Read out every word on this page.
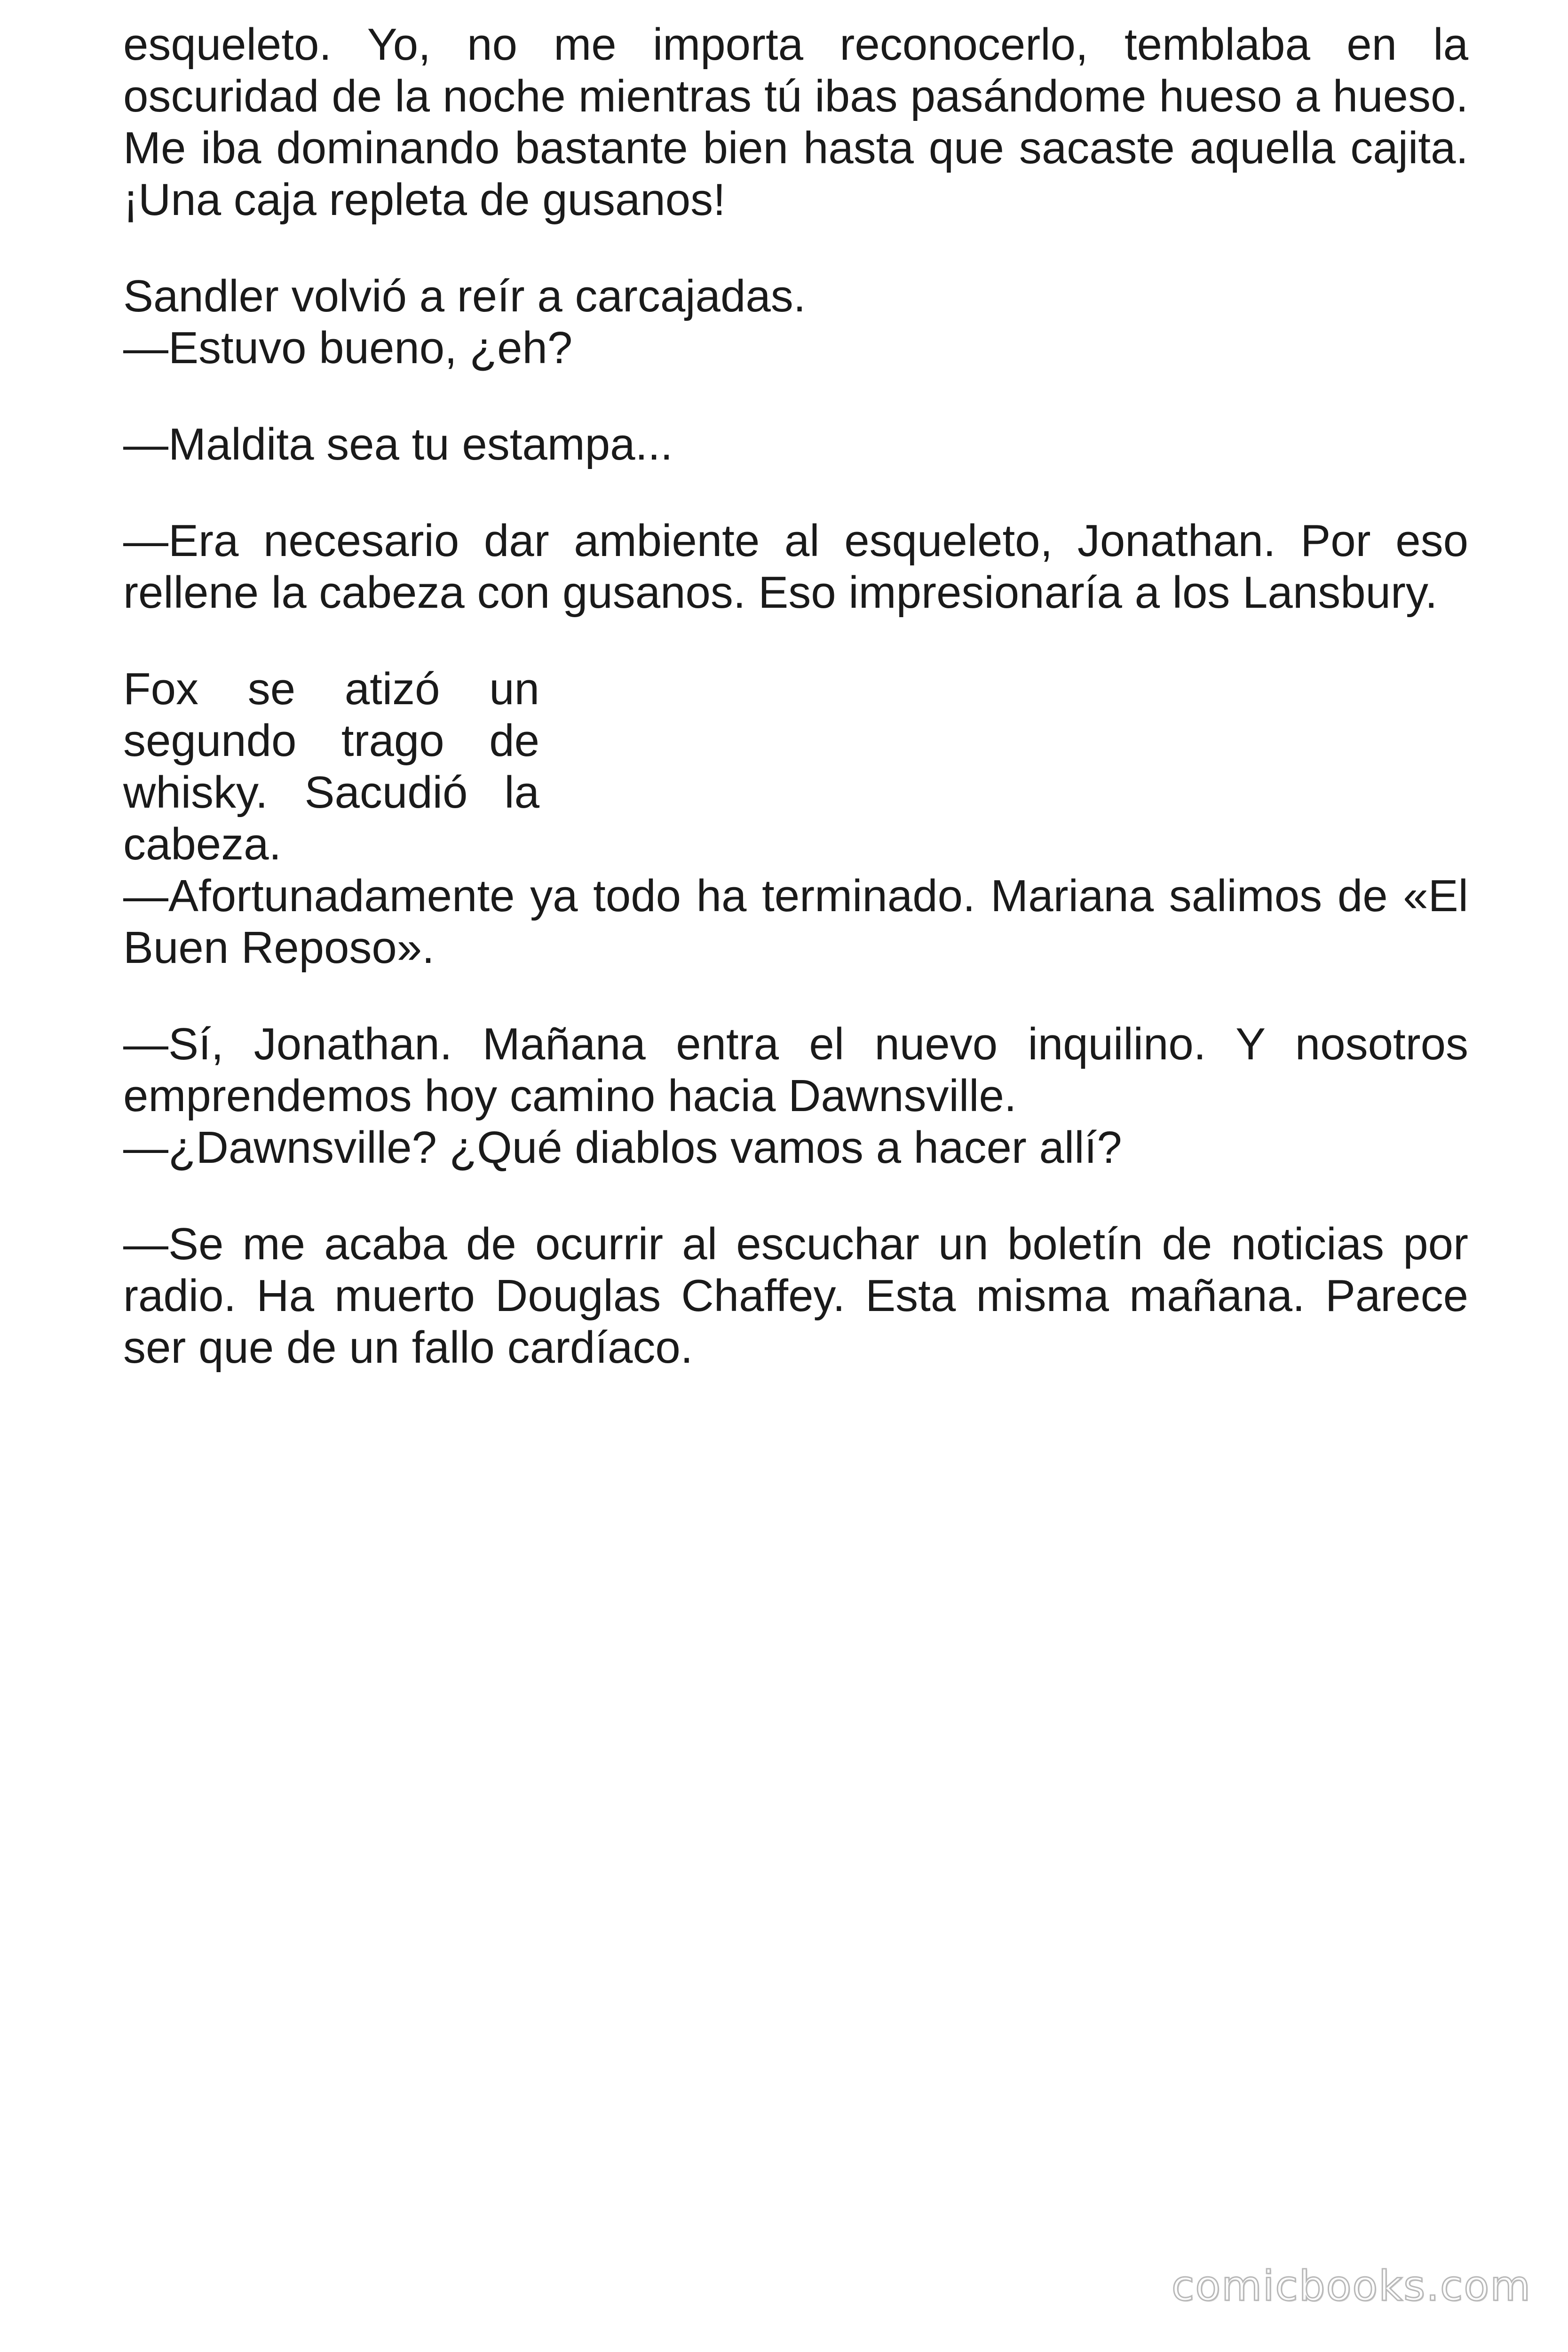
esqueleto. Yo, no me importa reconocerlo, temblaba en la oscuridad de la noche mientras tú ibas pasándome hueso a hueso. Me iba dominando bastante bien hasta que sacaste aquella cajita. ¡Una caja repleta de gusanos!

Sandler volvió a reír a carcajadas.

—Estuvo bueno, ¿eh?

—Maldita sea tu estampa...

—Era necesario dar ambiente al esqueleto, Jonathan. Por eso rellene la cabeza con gusanos. Eso impresionaría a los Lansbury.

Fox se atizó un segundo trago de whisky. Sacudió la cabeza.

—Afortunadamente ya todo ha terminado. Mariana salimos de «El Buen Reposo».

—Sí, Jonathan. Mañana entra el nuevo inquilino. Y nosotros emprendemos hoy camino hacia Dawnsville.

—¿Dawnsville? ¿Qué diablos vamos a hacer allí?

—Se me acaba de ocurrir al escuchar un boletín de noticias por radio. Ha muerto Douglas Chaffey. Esta misma mañana. Parece ser que de un fallo cardíaco.

comicbooks.com
